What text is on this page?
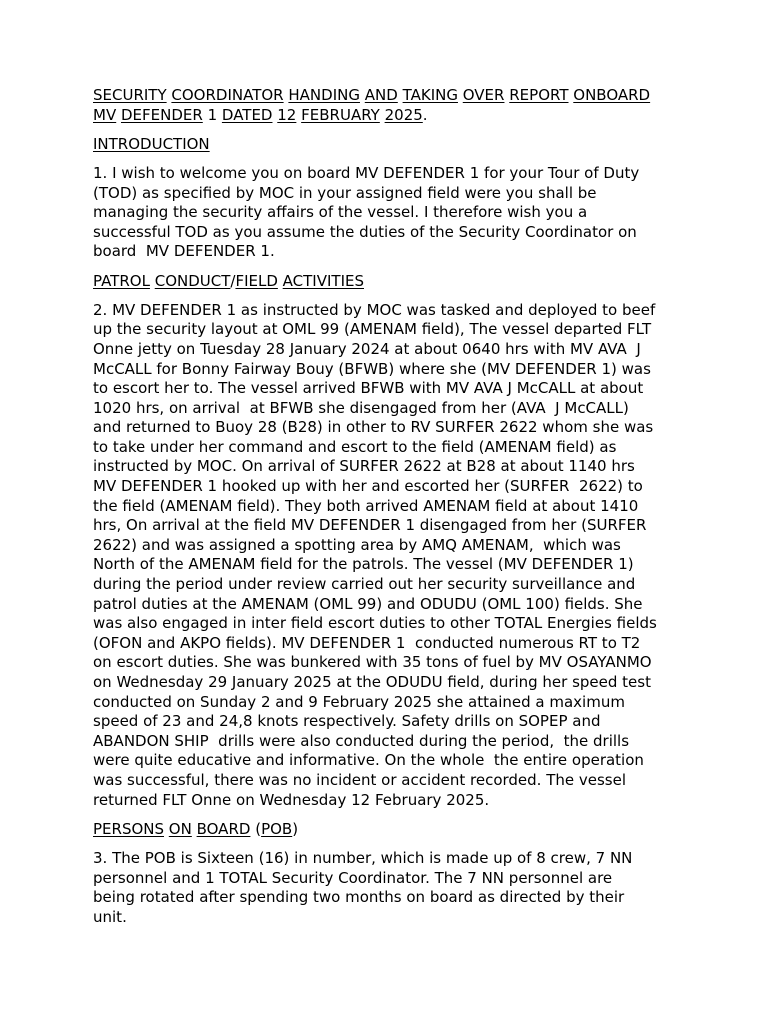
SECURITY COORDINATOR HANDING AND TAKING OVER REPORT ONBOARD
MV DEFENDER 1 DATED 12 FEBRUARY 2025.
INTRODUCTION
1. I wish to welcome you on board MV DEFENDER 1 for your Tour of Duty
(TOD) as specified by MOC in your assigned field were you shall be
managing the security affairs of the vessel. I therefore wish you a
successful TOD as you assume the duties of the Security Coordinator on
board  MV DEFENDER 1.
PATROL CONDUCT/FIELD ACTIVITIES
2. MV DEFENDER 1 as instructed by MOC was tasked and deployed to beef
up the security layout at OML 99 (AMENAM field), The vessel departed FLT
Onne jetty on Tuesday 28 January 2024 at about 0640 hrs with MV AVA  J
McCALL for Bonny Fairway Bouy (BFWB) where she (MV DEFENDER 1) was
to escort her to. The vessel arrived BFWB with MV AVA J McCALL at about
1020 hrs, on arrival  at BFWB she disengaged from her (AVA  J McCALL)
and returned to Buoy 28 (B28) in other to RV SURFER 2622 whom she was
to take under her command and escort to the field (AMENAM field) as
instructed by MOC. On arrival of SURFER 2622 at B28 at about 1140 hrs
MV DEFENDER 1 hooked up with her and escorted her (SURFER  2622) to
the field (AMENAM field). They both arrived AMENAM field at about 1410
hrs, On arrival at the field MV DEFENDER 1 disengaged from her (SURFER
2622) and was assigned a spotting area by AMQ AMENAM,  which was
North of the AMENAM field for the patrols. The vessel (MV DEFENDER 1)
during the period under review carried out her security surveillance and
patrol duties at the AMENAM (OML 99) and ODUDU (OML 100) fields. She
was also engaged in inter field escort duties to other TOTAL Energies fields
(OFON and AKPO fields). MV DEFENDER 1  conducted numerous RT to T2
on escort duties. She was bunkered with 35 tons of fuel by MV OSAYANMO
on Wednesday 29 January 2025 at the ODUDU field, during her speed test
conducted on Sunday 2 and 9 February 2025 she attained a maximum
speed of 23 and 24,8 knots respectively. Safety drills on SOPEP and
ABANDON SHIP  drills were also conducted during the period,  the drills
were quite educative and informative. On the whole  the entire operation
was successful, there was no incident or accident recorded. The vessel
returned FLT Onne on Wednesday 12 February 2025.
PERSONS ON BOARD (POB)
3. The POB is Sixteen (16) in number, which is made up of 8 crew, 7 NN
personnel and 1 TOTAL Security Coordinator. The 7 NN personnel are
being rotated after spending two months on board as directed by their
unit.
